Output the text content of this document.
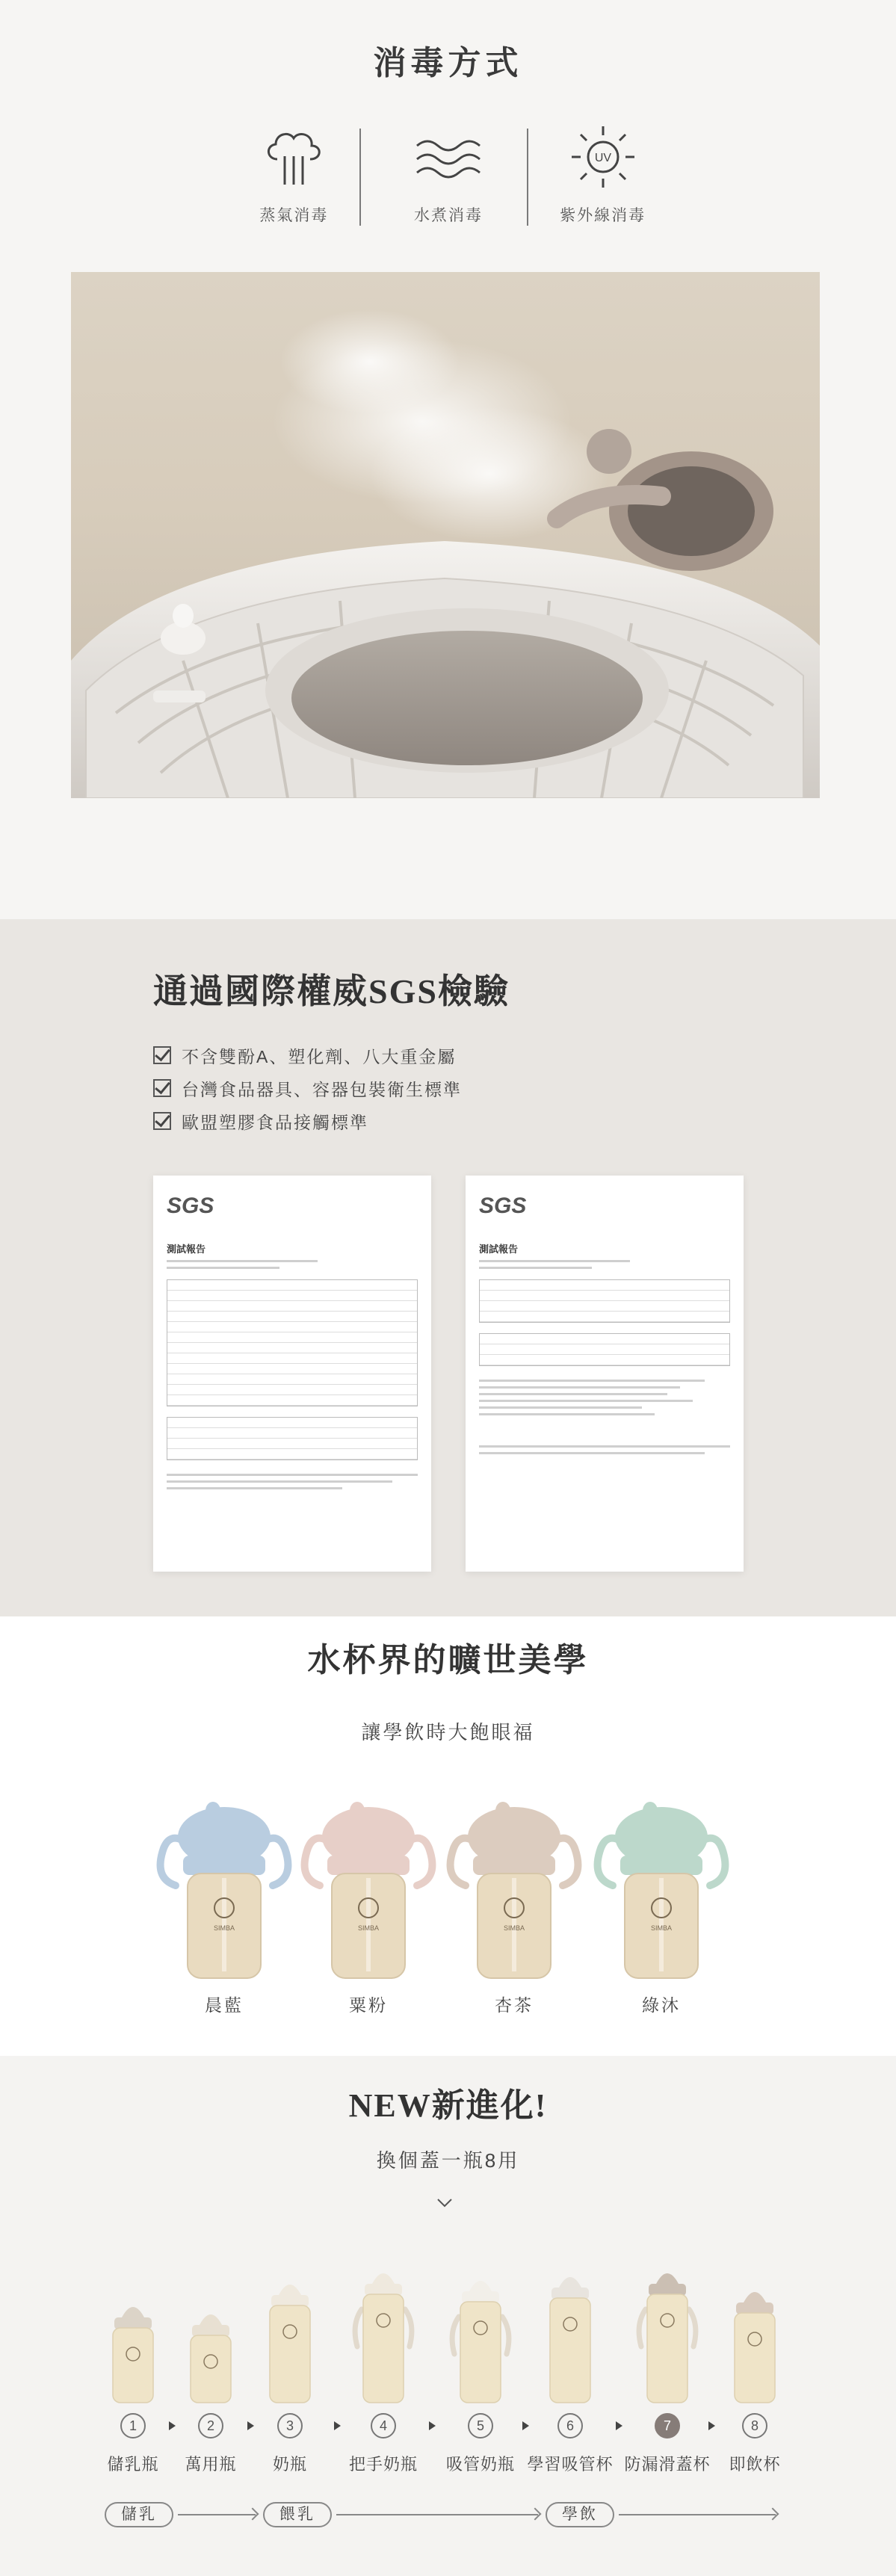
消毒方式
蒸氣消毒	水煮消毒
UV
紫外線消毒
通過國際權威SGS檢驗
不含雙酚A、塑化劑、八大重金屬
台灣食品器具、容器包裝衛生標準
歐盟塑膠食品接觸標準
SGS
測試報告
SGS
測試報告
水杯界的曠世美學
讓學飲時大飽眼福
SIMBA
晨藍
SIMBA
粟粉
SIMBA
杏茶
SIMBA
綠沐
NEW新進化!
換個蓋一瓶8用
1
儲乳瓶
2
萬用瓶
3
奶瓶
4
把手奶瓶
5
吸管奶瓶
6
學習吸管杯
7
防漏滑蓋杯
8
即飲杯
儲乳	餵乳	學飲
